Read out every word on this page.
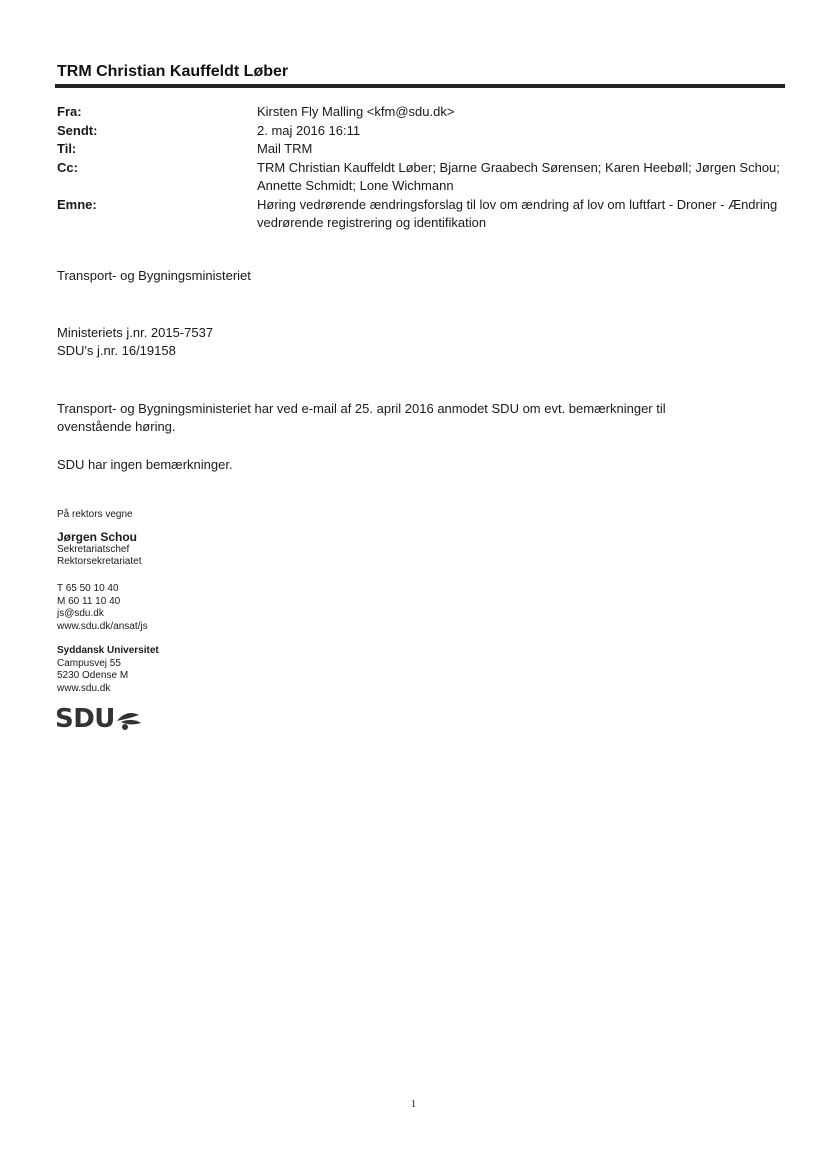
TRM Christian Kauffeldt Løber
Fra:	Kirsten Fly Malling <kfm@sdu.dk>
Sendt:	2. maj 2016 16:11
Til:	Mail TRM
Cc:	TRM Christian Kauffeldt Løber; Bjarne Graabech Sørensen; Karen Heebøll; Jørgen Schou; Annette Schmidt; Lone Wichmann
Emne:	Høring vedrørende ændringsforslag til lov om ændring af lov om luftfart - Droner - Ændring vedrørende registrering og identifikation
Transport- og Bygningsministeriet
Ministeriets j.nr. 2015-7537
SDU's j.nr. 16/19158
Transport- og Bygningsministeriet har ved e-mail af 25. april 2016 anmodet SDU om evt. bemærkninger til ovenstående høring.
SDU har ingen bemærkninger.
På rektors vegne
Jørgen Schou
Sekretariatschef
Rektorsekretariatet
T 65 50 10 40
M 60 11 10 40
js@sdu.dk
www.sdu.dk/ansat/js
Syddansk Universitet
Campusvej 55
5230 Odense M
www.sdu.dk
SDU
1
